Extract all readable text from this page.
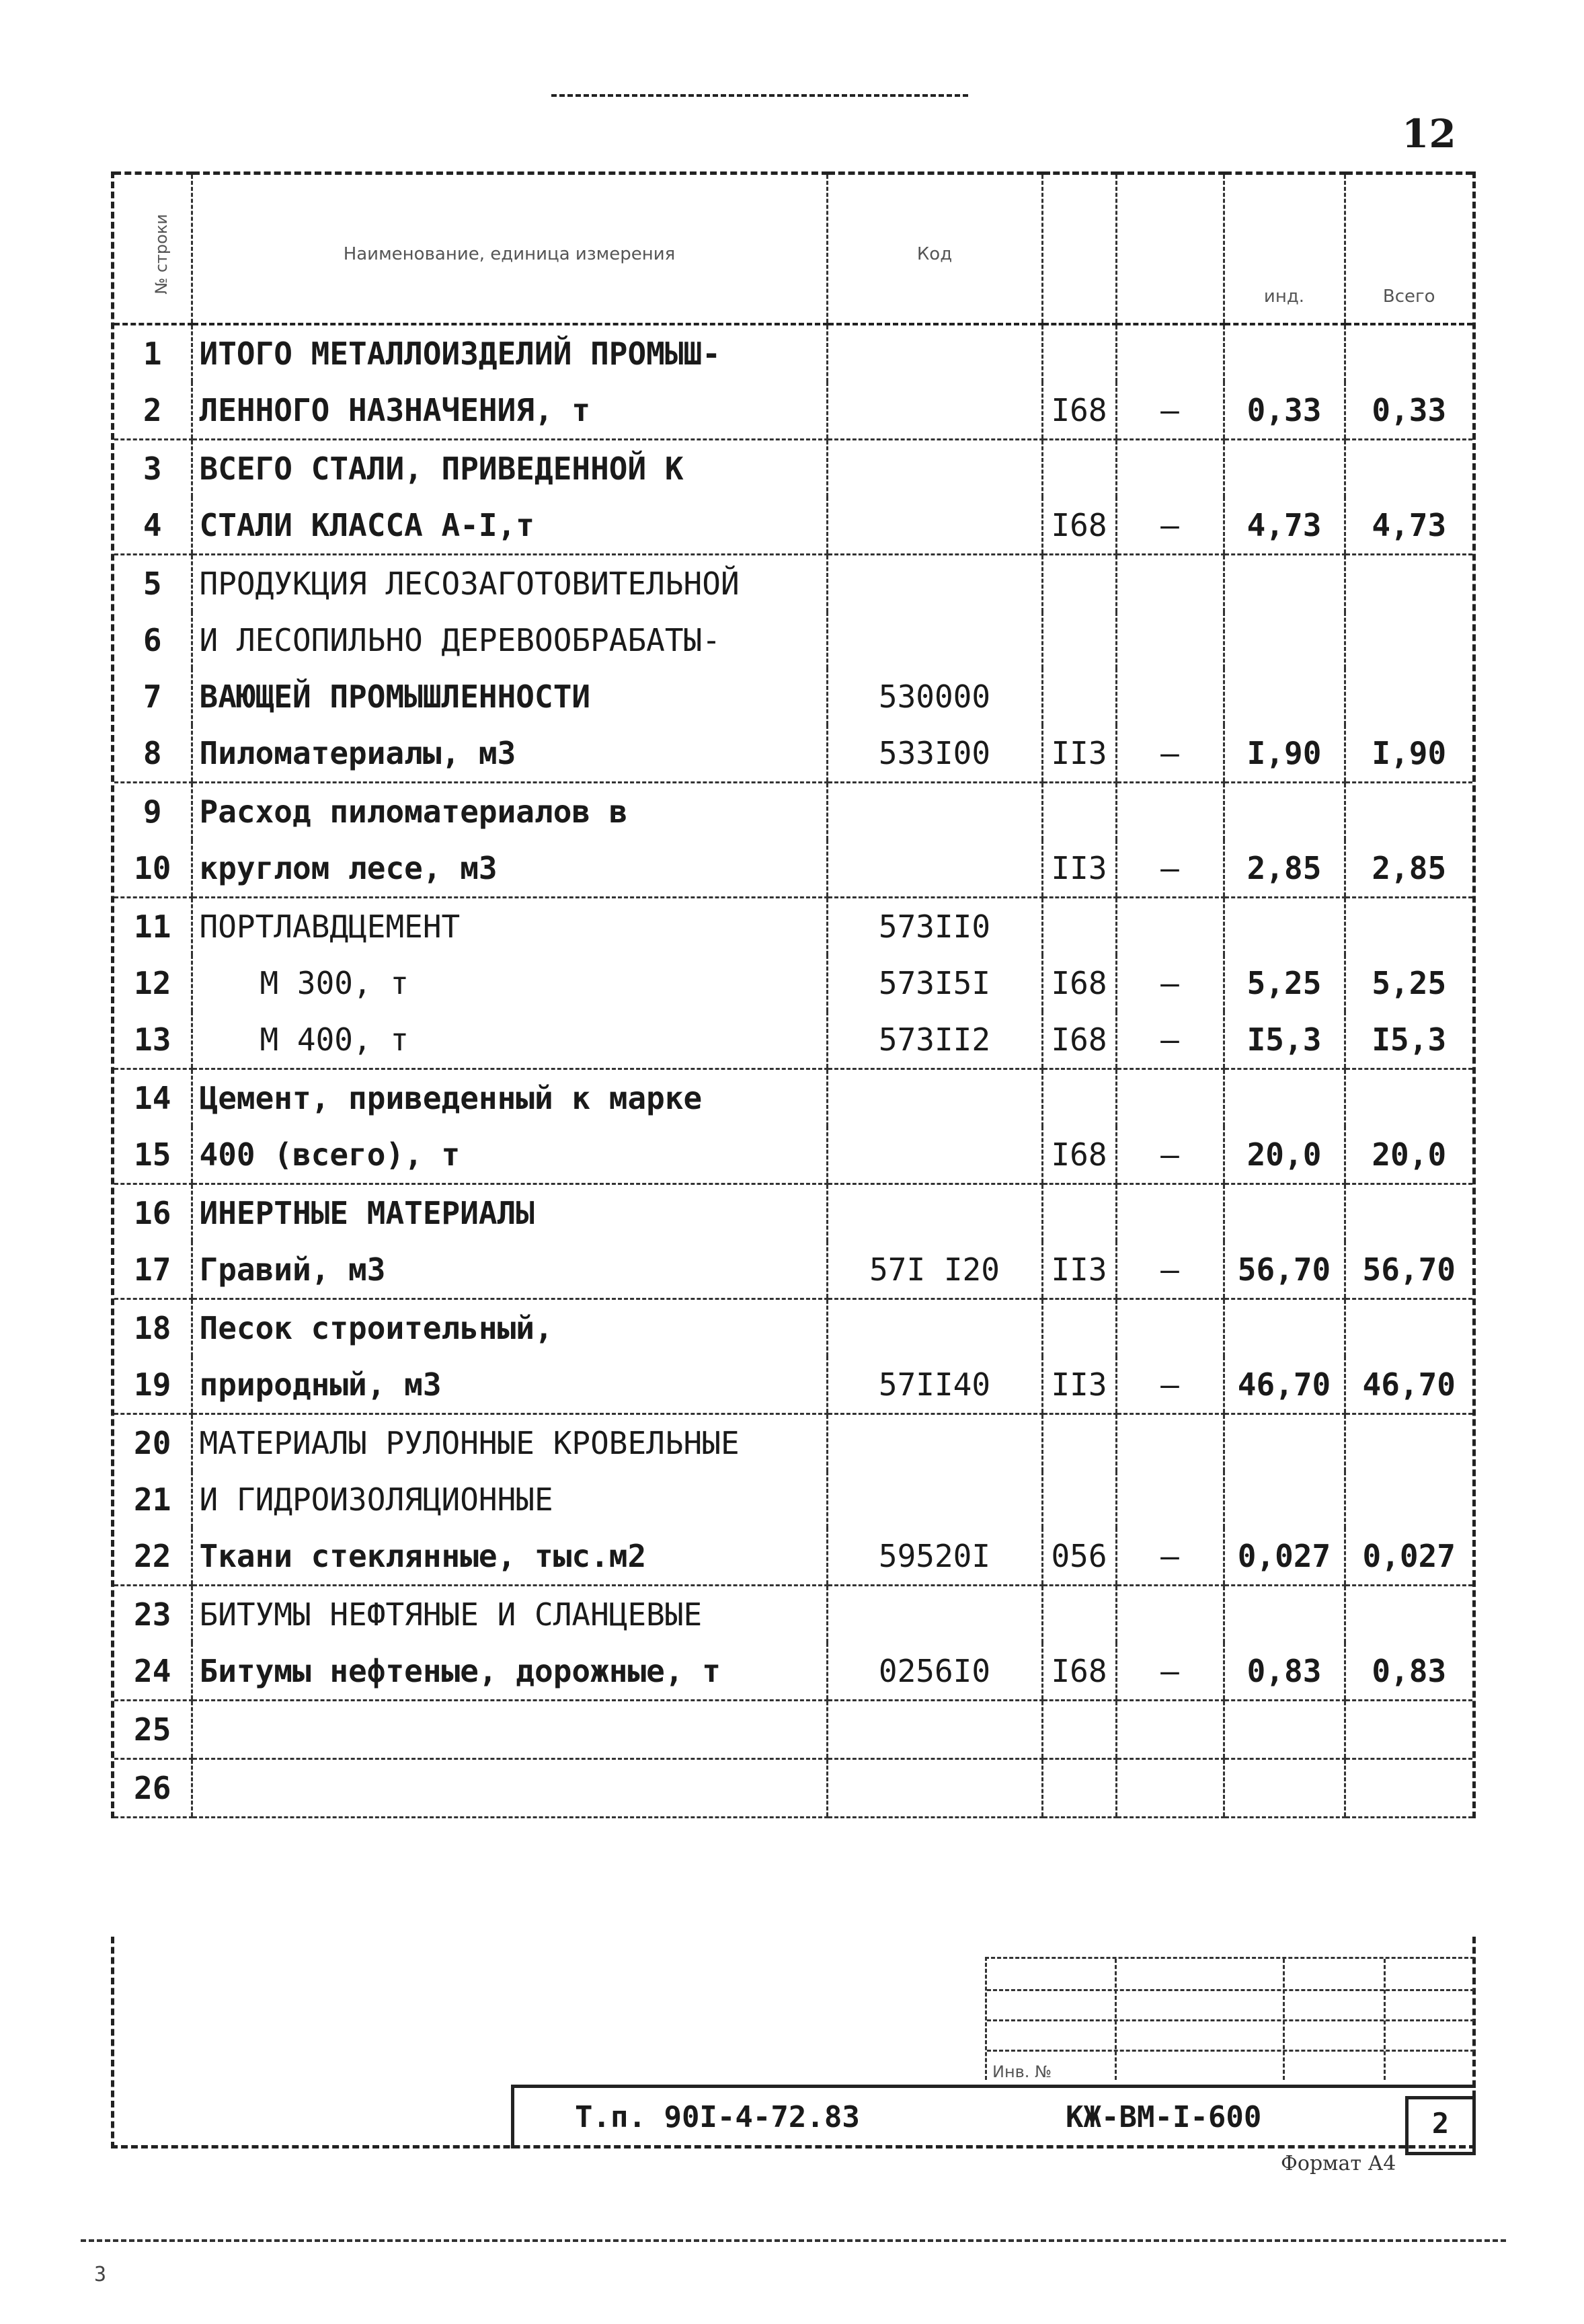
12
№ строки	Наименование, единица измерения	Код			инд.	Всего
1	ИТОГО МЕТАЛЛОИЗДЕЛИЙ ПРОМЫШ-					
2	ЛЕННОГО НАЗНАЧЕНИЯ, т		I68	—	0,33	0,33
3	ВСЕГО СТАЛИ, ПРИВЕДЕННОЙ К					
4	СТАЛИ КЛАССА А-I,т		I68	—	4,73	4,73
5	ПРОДУКЦИЯ ЛЕСОЗАГОТОВИТЕЛЬНОЙ					
6	И ЛЕСОПИЛЬНО ДЕРЕВООБРАБАТЫ-					
7	ВАЮЩЕЙ ПРОМЫШЛЕННОСТИ	530000				
8	Пиломатериалы, м3	533I00	II3	—	I,90	I,90
9	Расход пиломатериалов в					
10	круглом лесе, м3		II3	—	2,85	2,85
11	ПОРТЛАВДЦЕМЕНТ	573II0				
12	М 300, т	573I5I	I68	—	5,25	5,25
13	М 400, т	573II2	I68	—	I5,3	I5,3
14	Цемент, приведенный к марке					
15	400 (всего), т		I68	—	20,0	20,0
16	ИНЕРТНЫЕ МАТЕРИАЛЫ					
17	Гравий, м3	57I I20	II3	—	56,70	56,70
18	Песок строительный,					
19	природный, м3	57II40	II3	—	46,70	46,70
20	МАТЕРИАЛЫ РУЛОННЫЕ КРОВЕЛЬНЫЕ					
21	И ГИДРОИЗОЛЯЦИОННЫЕ					
22	Ткани стеклянные, тыс.м2	59520I	056	—	0,027	0,027
23	БИТУМЫ НЕФТЯНЫЕ И СЛАНЦЕВЫЕ					
24	Битумы нефтеные, дорожные, т	0256I0	I68	—	0,83	0,83
25						
26						
Инв. №
Т.п. 90I-4-72.83	КЖ-ВМ-I-600	2
Формат А4
3
